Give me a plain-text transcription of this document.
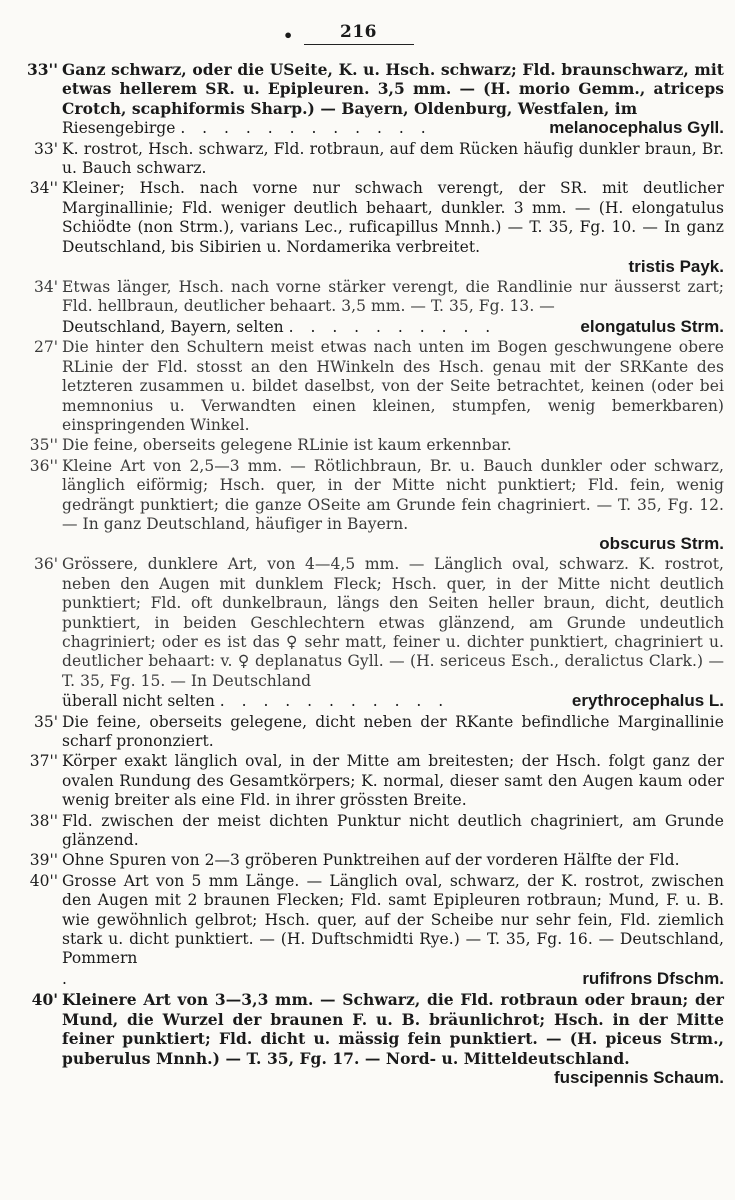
•	216
33'' Ganz schwarz, oder die USeite, K. u. Hsch. schwarz; Fld. braunschwarz, mit etwas hellerem SR. u. Epipleuren. 3,5 mm. — (H. morio Gemm., atriceps Crotch, scaphiformis Sharp.) — Bayern, Oldenburg, Westfalen, im
Riesengebirge . . . . . . . . . . . .	melanocephalus Gyll.
33' K. rostrot, Hsch. schwarz, Fld. rotbraun, auf dem Rücken häufig dunkler braun, Br. u. Bauch schwarz.
34'' Kleiner; Hsch. nach vorne nur schwach verengt, der SR. mit deutlicher Marginallinie; Fld. weniger deutlich behaart, dunkler. 3 mm. — (H. elongatulus Schiödte (non Strm.), varians Lec., ruficapillus Mnnh.) — T. 35, Fg. 10. — In ganz Deutschland, bis Sibirien u. Nordamerika verbreitet.
tristis Payk.
34' Etwas länger, Hsch. nach vorne stärker verengt, die Randlinie nur äusserst zart; Fld. hellbraun, deutlicher behaart. 3,5 mm. — T. 35, Fg. 13. —
Deutschland, Bayern, selten . . . . . . . . . .	elongatulus Strm.
27' Die hinter den Schultern meist etwas nach unten im Bogen geschwungene obere RLinie der Fld. stosst an den HWinkeln des Hsch. genau mit der SRKante des letzteren zusammen u. bildet daselbst, von der Seite betrachtet, keinen (oder bei memnonius u. Verwandten einen kleinen, stumpfen, wenig bemerkbaren) einspringenden Winkel.
35'' Die feine, oberseits gelegene RLinie ist kaum erkennbar.
36'' Kleine Art von 2,5—3 mm. — Rötlichbraun, Br. u. Bauch dunkler oder schwarz, länglich eiförmig; Hsch. quer, in der Mitte nicht punktiert; Fld. fein, wenig gedrängt punktiert; die ganze OSeite am Grunde fein chagriniert. — T. 35, Fg. 12. — In ganz Deutschland, häufiger in Bayern.
obscurus Strm.
36' Grössere, dunklere Art, von 4—4,5 mm. — Länglich oval, schwarz. K. rostrot, neben den Augen mit dunklem Fleck; Hsch. quer, in der Mitte nicht deutlich punktiert; Fld. oft dunkelbraun, längs den Seiten heller braun, dicht, deutlich punktiert, in beiden Geschlechtern etwas glänzend, am Grunde undeutlich chagriniert; oder es ist das ♀ sehr matt, feiner u. dichter punktiert, chagriniert u. deutlicher behaart: v. ♀ deplanatus Gyll. — (H. sericeus Esch., deralictus Clark.) — T. 35, Fg. 15. — In Deutschland
überall nicht selten . . . . . . . . . . .	erythrocephalus L.
35' Die feine, oberseits gelegene, dicht neben der RKante befindliche Marginallinie scharf prononziert.
37'' Körper exakt länglich oval, in der Mitte am breitesten; der Hsch. folgt ganz der ovalen Rundung des Gesamtkörpers; K. normal, dieser samt den Augen kaum oder wenig breiter als eine Fld. in ihrer grössten Breite.
38'' Fld. zwischen der meist dichten Punktur nicht deutlich chagriniert, am Grunde glänzend.
39'' Ohne Spuren von 2—3 gröberen Punktreihen auf der vorderen Hälfte der Fld.
40'' Grosse Art von 5 mm Länge. — Länglich oval, schwarz, der K. rostrot, zwischen den Augen mit 2 braunen Flecken; Fld. samt Epipleuren rotbraun; Mund, F. u. B. wie gewöhnlich gelbrot; Hsch. quer, auf der Scheibe nur sehr fein, Fld. ziemlich stark u. dicht punktiert. — (H. Duftschmidti Rye.) — T. 35, Fg. 16. — Deutschland, Pommern
.	rufifrons Dfschm.
40' Kleinere Art von 3—3,3 mm. — Schwarz, die Fld. rotbraun oder braun; der Mund, die Wurzel der braunen F. u. B. bräunlichrot; Hsch. in der Mitte feiner punktiert; Fld. dicht u. mässig fein punktiert. — (H. piceus Strm., puberulus Mnnh.) — T. 35, Fg. 17. — Nord- u. Mitteldeutschland.
fuscipennis Schaum.
